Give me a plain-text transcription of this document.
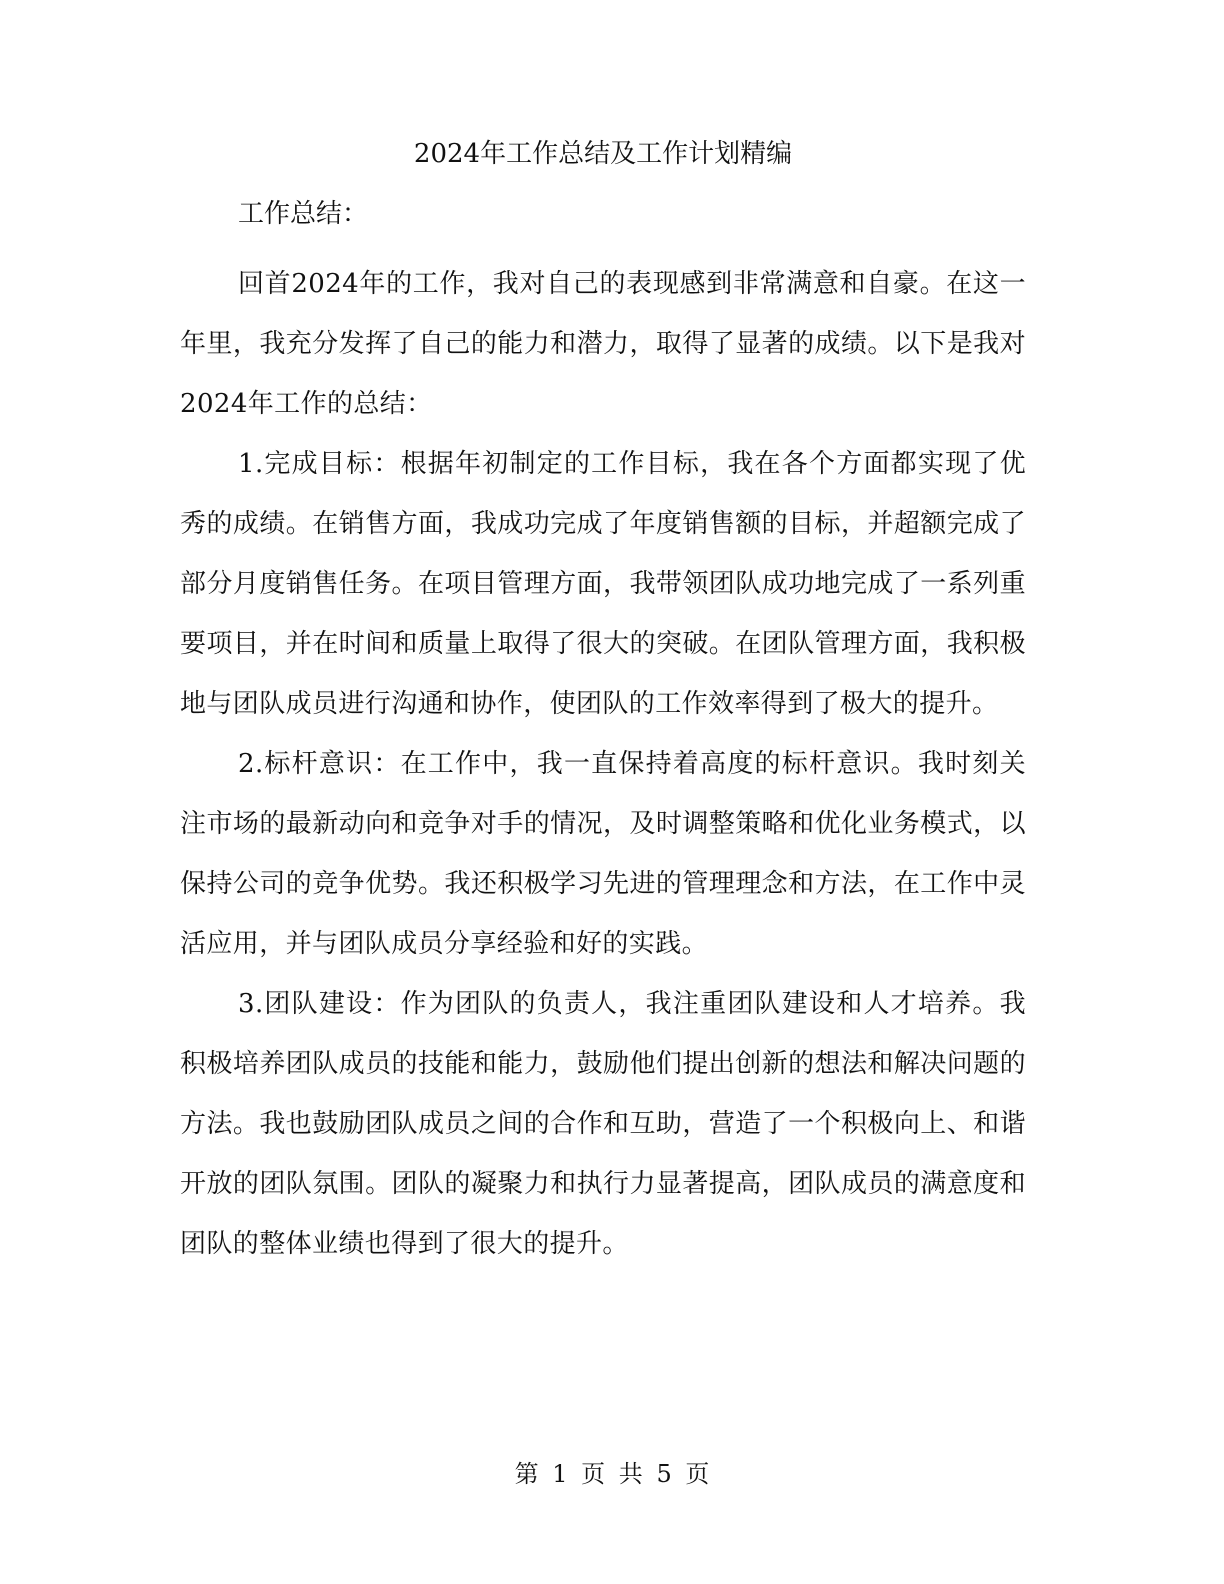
2024年工作总结及工作计划精编

工作总结：

回首2024年的工作，我对自己的表现感到非常满意和自豪。在这一年里，我充分发挥了自己的能力和潜力，取得了显著的成绩。以下是我对2024年工作的总结：

1.完成目标：根据年初制定的工作目标，我在各个方面都实现了优秀的成绩。在销售方面，我成功完成了年度销售额的目标，并超额完成了部分月度销售任务。在项目管理方面，我带领团队成功地完成了一系列重要项目，并在时间和质量上取得了很大的突破。在团队管理方面，我积极地与团队成员进行沟通和协作，使团队的工作效率得到了极大的提升。

2.标杆意识：在工作中，我一直保持着高度的标杆意识。我时刻关注市场的最新动向和竞争对手的情况，及时调整策略和优化业务模式，以保持公司的竞争优势。我还积极学习先进的管理理念和方法，在工作中灵活应用，并与团队成员分享经验和好的实践。

3.团队建设：作为团队的负责人，我注重团队建设和人才培养。我积极培养团队成员的技能和能力，鼓励他们提出创新的想法和解决问题的方法。我也鼓励团队成员之间的合作和互助，营造了一个积极向上、和谐开放的团队氛围。团队的凝聚力和执行力显著提高，团队成员的满意度和团队的整体业绩也得到了很大的提升。

第 1 页 共 5 页
